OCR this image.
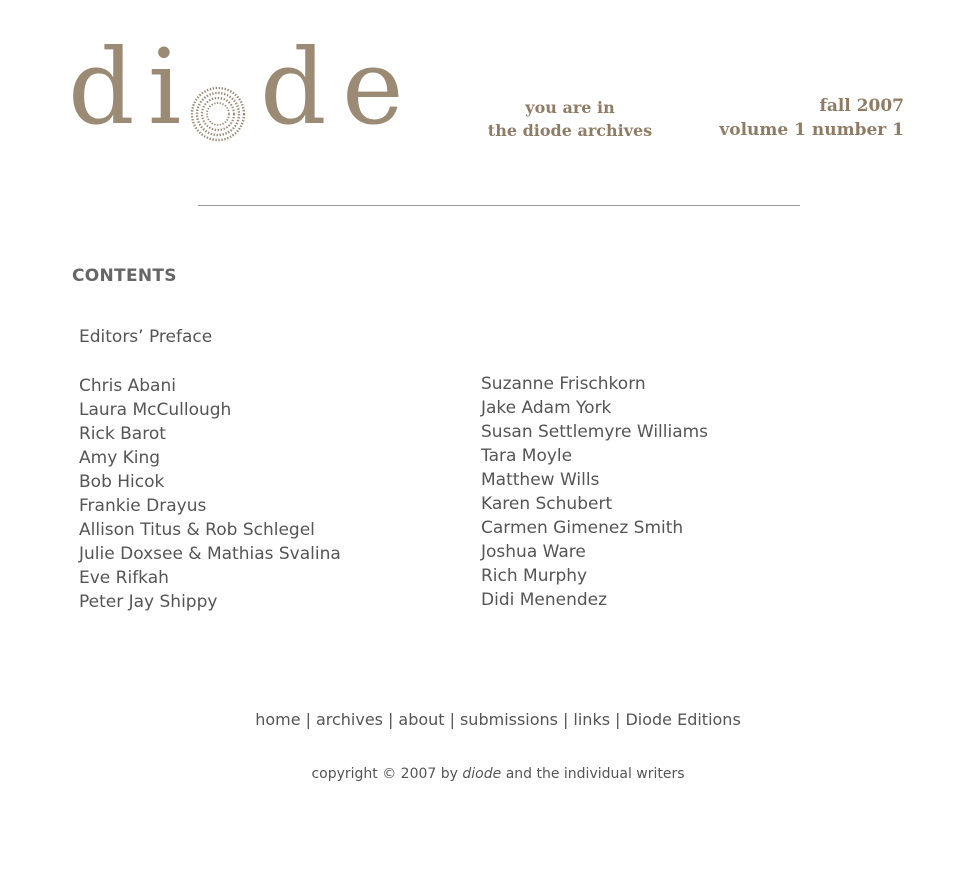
d i d e	you are in
the diode archives
fall 2007
volume 1 number 1
CONTENTS
Editors’ Preface
Chris Abani
Laura McCullough
Rick Barot
Amy King
Bob Hicok
Frankie Drayus
Allison Titus & Rob Schlegel
Julie Doxsee & Mathias Svalina
Eve Rifkah
Peter Jay Shippy
Suzanne Frischkorn
Jake Adam York
Susan Settlemyre Williams
Tara Moyle
Matthew Wills
Karen Schubert
Carmen Gimenez Smith
Joshua Ware
Rich Murphy
Didi Menendez
home | archives | about | submissions | links | Diode Editions
copyright © 2007 by diode and the individual writers
